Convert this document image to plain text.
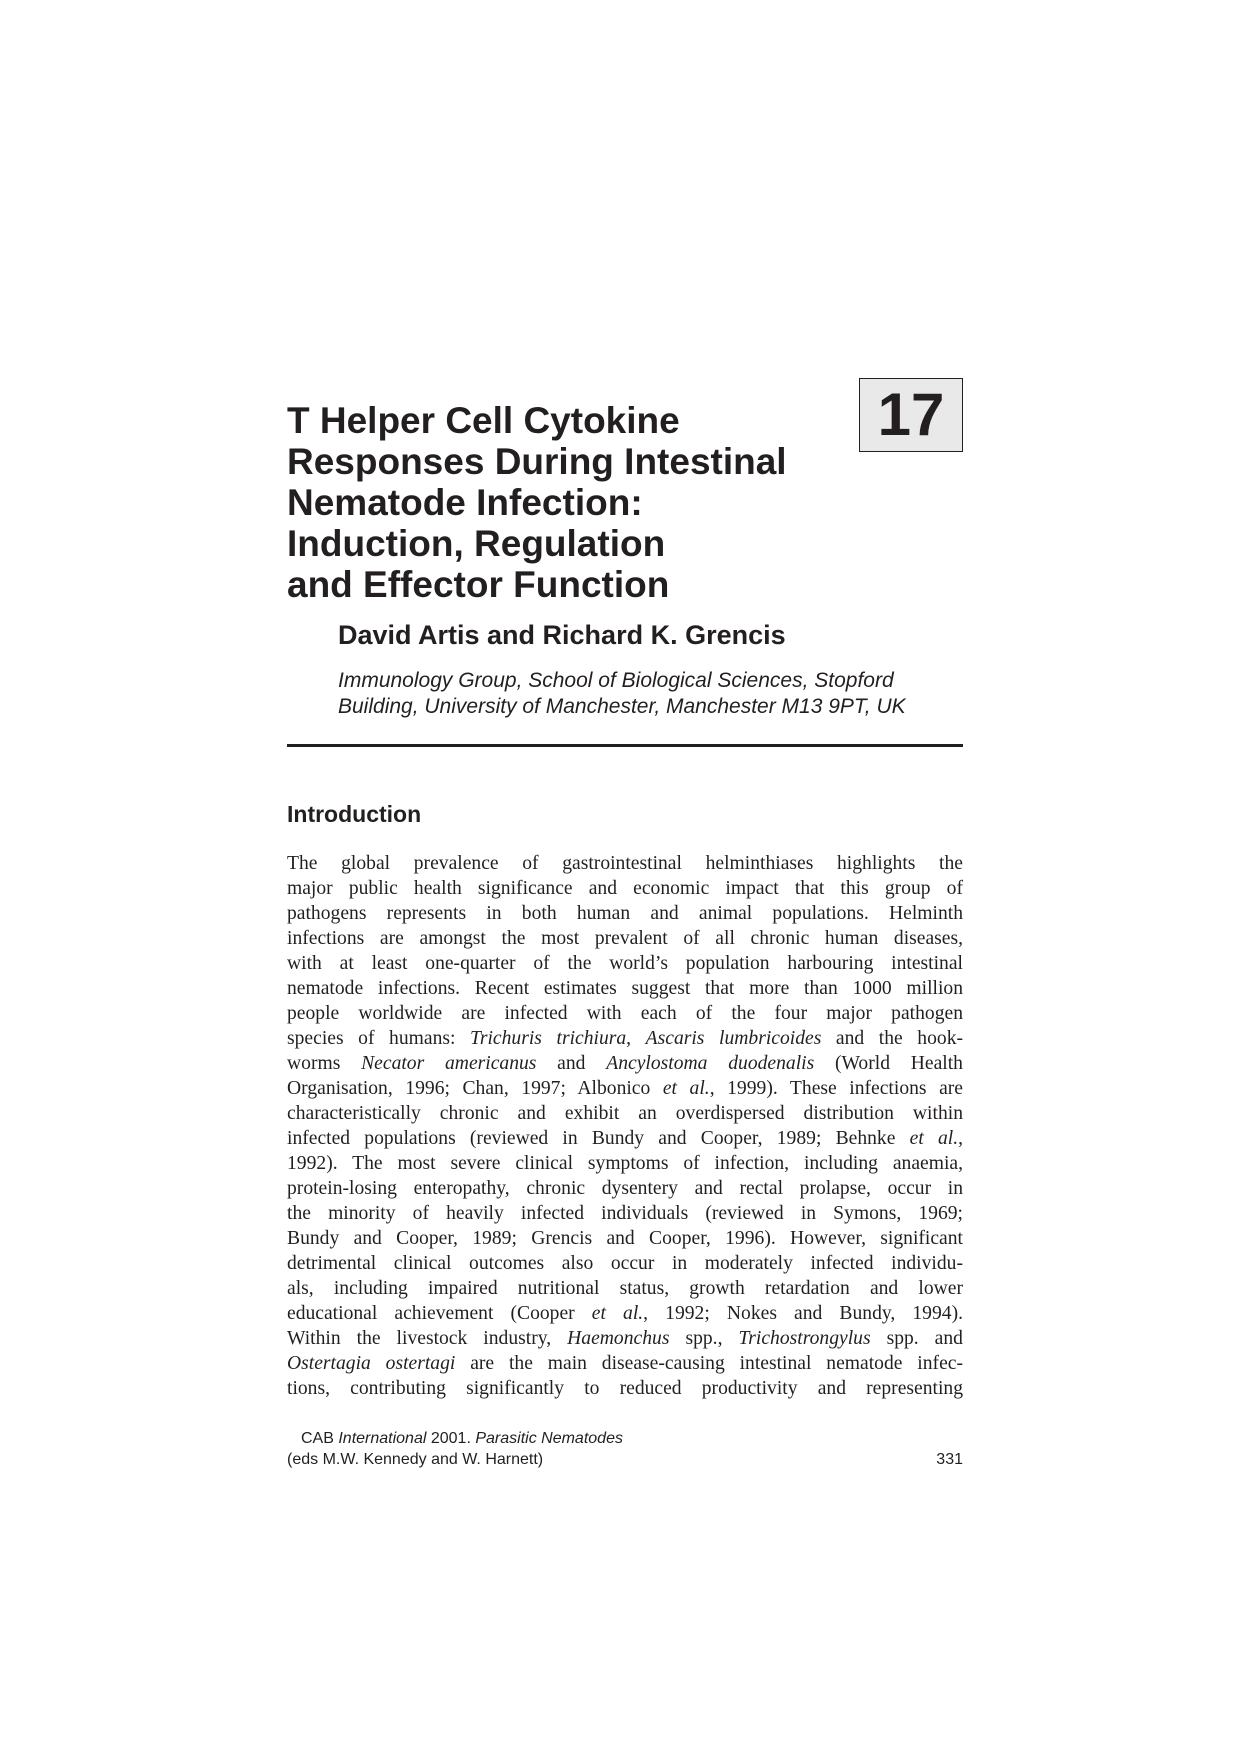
T Helper Cell Cytokine
Responses During Intestinal
Nematode Infection:
Induction, Regulation
and Effector Function
17
David Artis and Richard K. Grencis
Immunology Group, School of Biological Sciences, Stopford
Building, University of Manchester, Manchester M13 9PT, UK
Introduction
The global prevalence of gastrointestinal helminthiases highlights the
major public health significance and economic impact that this group of
pathogens represents in both human and animal populations. Helminth
infections are amongst the most prevalent of all chronic human diseases,
with at least one-quarter of the world’s population harbouring intestinal
nematode infections. Recent estimates suggest that more than 1000 million
people worldwide are infected with each of the four major pathogen
species of humans: Trichuris trichiura, Ascaris lumbricoides and the hook-
worms Necator americanus and Ancylostoma duodenalis (World Health
Organisation, 1996; Chan, 1997; Albonico et al., 1999). These infections are
characteristically chronic and exhibit an overdispersed distribution within
infected populations (reviewed in Bundy and Cooper, 1989; Behnke et al.,
1992). The most severe clinical symptoms of infection, including anaemia,
protein-losing enteropathy, chronic dysentery and rectal prolapse, occur in
the minority of heavily infected individuals (reviewed in Symons, 1969;
Bundy and Cooper, 1989; Grencis and Cooper, 1996). However, significant
detrimental clinical outcomes also occur in moderately infected individu-
als, including impaired nutritional status, growth retardation and lower
educational achievement (Cooper et al., 1992; Nokes and Bundy, 1994).
Within the livestock industry, Haemonchus spp., Trichostrongylus spp. and
Ostertagia ostertagi are the main disease-causing intestinal nematode infec-
tions, contributing significantly to reduced productivity and representing
CAB International 2001. Parasitic Nematodes
(eds M.W. Kennedy and W. Harnett)	331
